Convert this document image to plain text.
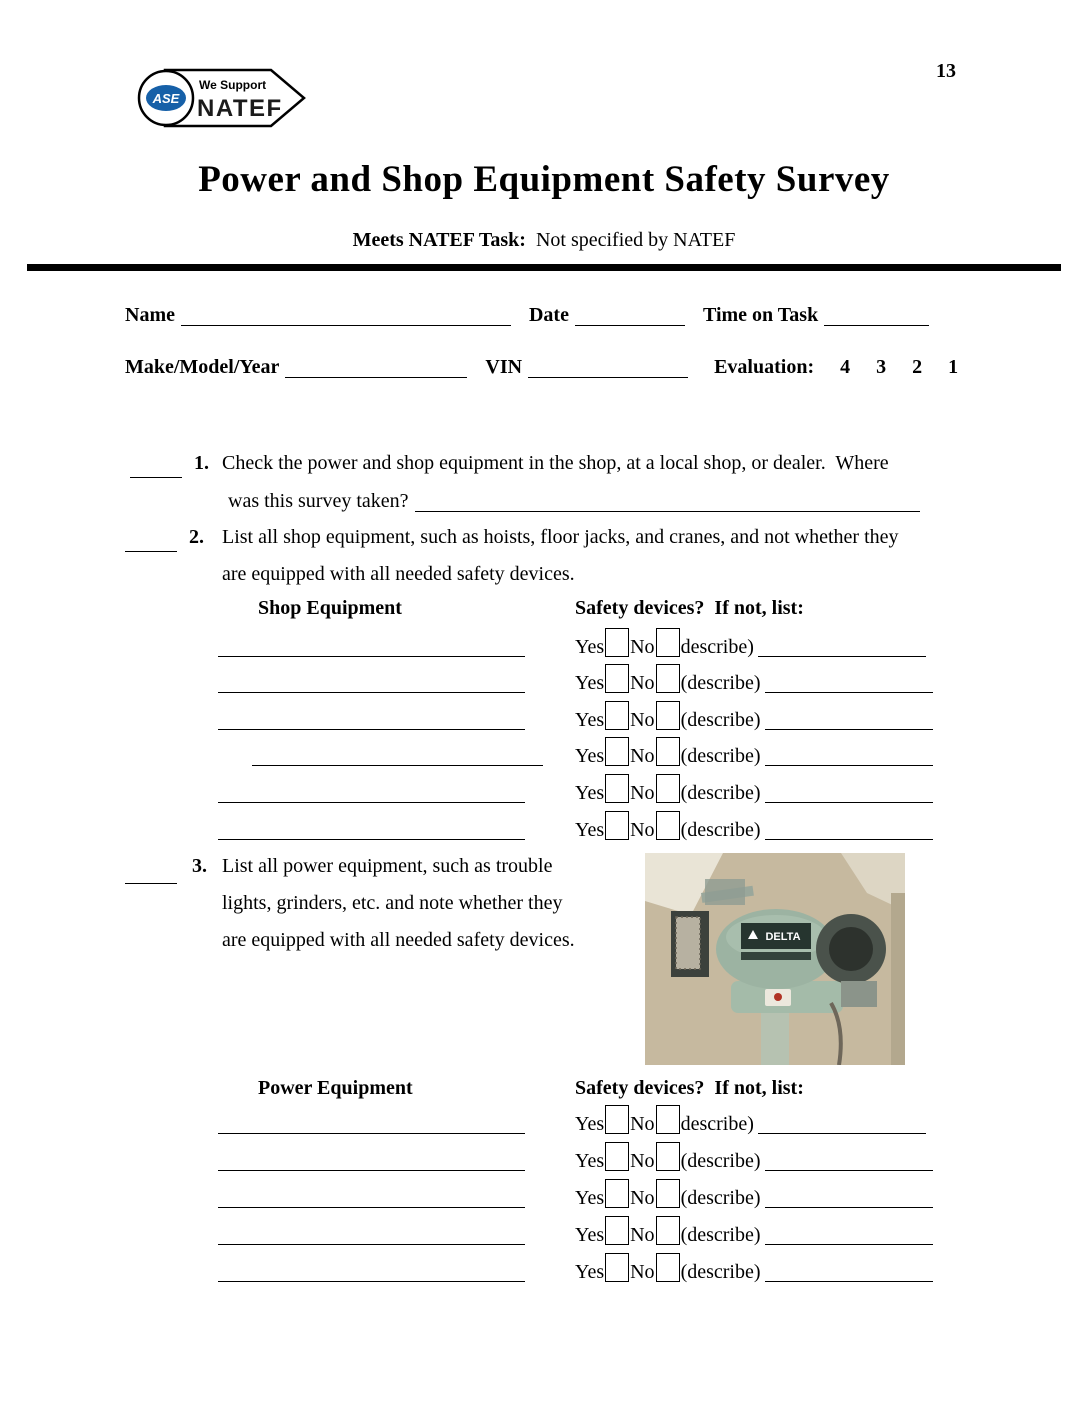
13
ASE
We Support
NATEF
Power and Shop Equipment Safety Survey
Meets NATEF Task: Not specified by NATEF
Name	Date	Time on Task
Make/Model/Year	VIN	Evaluation: 4 3 2 1
1. Check the power and shop equipment in the shop, at a local shop, or dealer.  Where
was this survey taken?
2. List all shop equipment, such as hoists, floor jacks, and cranes, and not whether they
are equipped with all needed safety devices.
Shop Equipment	Safety devices?  If not, list:
Yes No describe)
Yes No (describe)
Yes No (describe)
Yes No (describe)
Yes No (describe)
Yes No (describe)
3. List all power equipment, such as trouble
lights, grinders, etc. and note whether they
are equipped with all needed safety devices.	DELTA
Power Equipment	Safety devices?  If not, list:
Yes No describe)
Yes No (describe)
Yes No (describe)
Yes No (describe)
Yes No (describe)
